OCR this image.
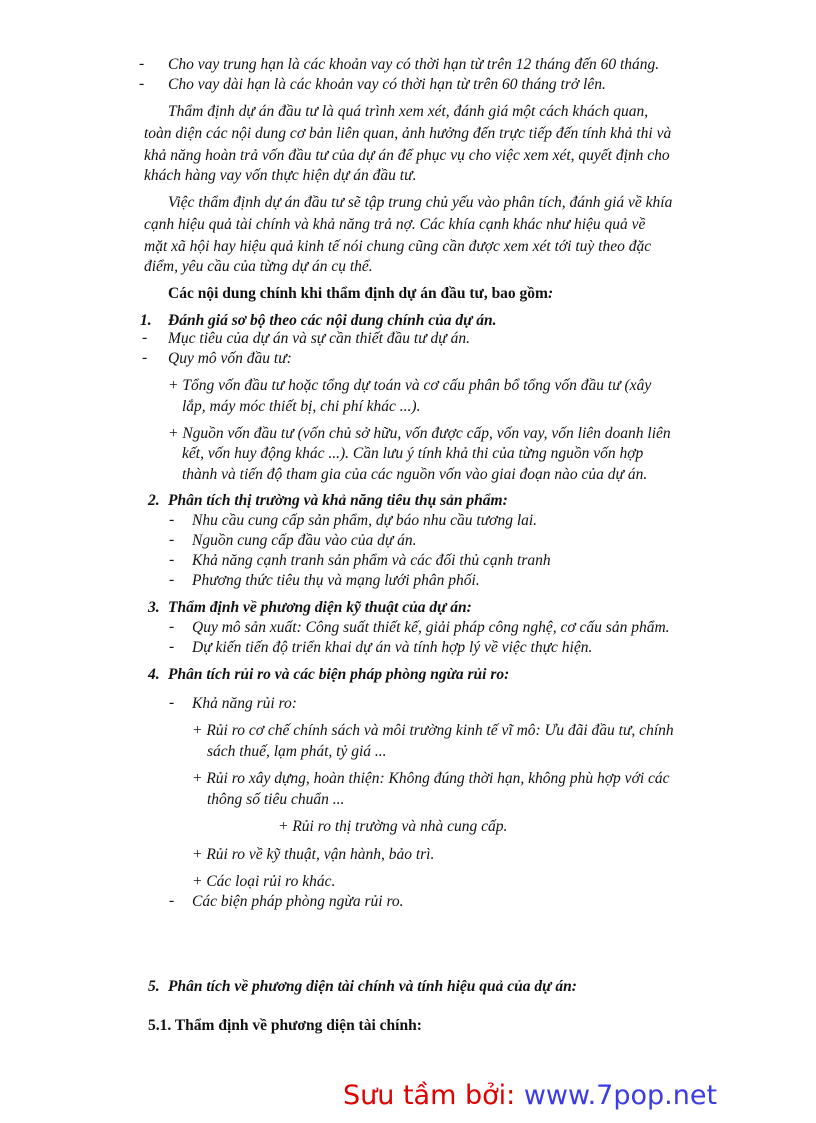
- Cho vay trung hạn là các khoản vay có thời hạn từ trên 12 tháng đến 60 tháng.
- Cho vay dài hạn là các khoản vay có thời hạn từ trên 60 tháng trở lên.
Thẩm định dự án đầu tư là quá trình xem xét, đánh giá một cách khách quan,
toàn diện các nội dung cơ bản liên quan, ảnh hưởng đến trực tiếp đến tính khả thi và
khả năng hoàn trả vốn đầu tư của dự án để phục vụ cho việc xem xét, quyết định cho
khách hàng vay vốn thực hiện dự án đầu tư.
Việc thẩm định dự án đầu tư sẽ tập trung chủ yếu vào phân tích, đánh giá về khía
cạnh hiệu quả tài chính và khả năng trả nợ. Các khía cạnh khác như hiệu quả về
mặt xã hội hay hiệu quả kinh tế nói chung cũng cần được xem xét tới tuỳ theo đặc
điểm, yêu cầu của từng dự án cụ thể.
Các nội dung chính khi thẩm định dự án đầu tư, bao gồm:
1. Đánh giá sơ bộ theo các nội dung chính của dự án.
- Mục tiêu của dự án và sự cần thiết đầu tư dự án.
- Quy mô vốn đầu tư:
+ Tổng vốn đầu tư hoặc tổng dự toán và cơ cấu phân bổ tổng vốn đầu tư (xây
lắp, máy móc thiết bị, chi phí khác ...).
+ Nguồn vốn đầu tư (vốn chủ sở hữu, vốn được cấp, vốn vay, vốn liên doanh liên
kết, vốn huy động khác ...). Cần lưu ý tính khả thi của từng nguồn vốn hợp
thành và tiến độ tham gia của các nguồn vốn vào giai đoạn nào của dự án.
2. Phân tích thị trường và khả năng tiêu thụ sản phẩm:
- Nhu cầu cung cấp sản phẩm, dự báo nhu cầu tương lai.
- Nguồn cung cấp đầu vào của dự án.
- Khả năng cạnh tranh sản phẩm và các đối thủ cạnh tranh
- Phương thức tiêu thụ và mạng lưới phân phối.
3. Thẩm định về phương diện kỹ thuật của dự án:
- Quy mô sản xuất: Công suất thiết kế, giải pháp công nghệ, cơ cấu sản phẩm.
- Dự kiến tiến độ triển khai dự án và tính hợp lý về việc thực hiện.
4. Phân tích rủi ro và các biện pháp phòng ngừa rủi ro:
- Khả năng rủi ro:
+ Rủi ro cơ chế chính sách và môi trường kinh tế vĩ mô: Ưu đãi đầu tư, chính
sách thuế, lạm phát, tỷ giá ...
+ Rủi ro xây dựng, hoàn thiện: Không đúng thời hạn, không phù hợp với các
thông số tiêu chuẩn ...
+ Rủi ro thị trường và nhà cung cấp.
+ Rủi ro về kỹ thuật, vận hành, bảo trì.
+ Các loại rủi ro khác.
- Các biện pháp phòng ngừa rủi ro.
5. Phân tích về phương diện tài chính và tính hiệu quả của dự án:
5.1. Thẩm định về phương diện tài chính:
Sưu tầm bởi: www.7pop.net
